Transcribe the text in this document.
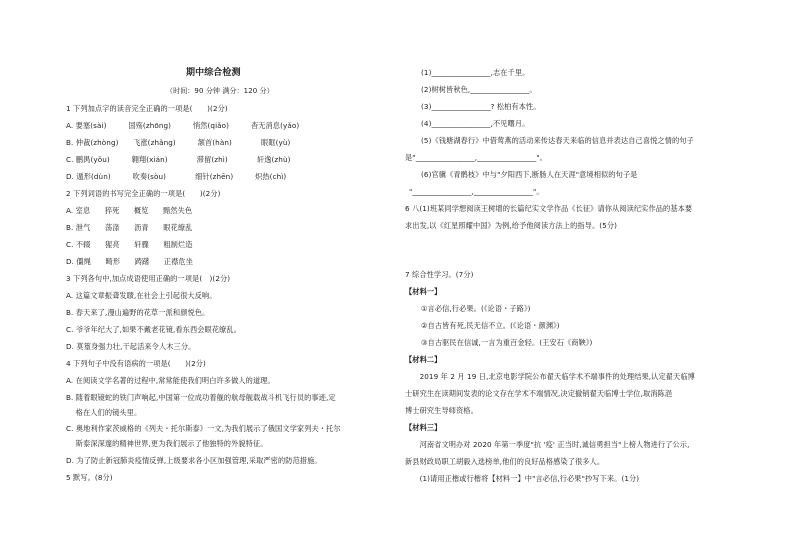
期中综合检测
（时间：90 分钟 满分：120 分）
1 下列加点字的读音完全正确的一项是(　　)(2分)
A. 要塞(sài)　　　国殇(zhōng)　　　悄然(qiǎo)　　　杳无消息(yǎo)
B. 仲裁(zhòng)　　飞涨(zhǎng)　　　颔首(hàn)　　　　眼眶(yù)
C. 鹏禺(yǒu)　　　翱翔(xián)　　　　滞留(zhì)　　　　轩逸(zhù)
D. 遁形(dùn)　　　吹奏(sòu)　　　　细针(zhēn)　　　炽热(chì)
2 下列词语的书写完全正确的一项是(　　)(2分)
A. 室息　　猝死　　概览　　黯然失色
B. 泄气　　荡涤　　沥青　　眼花缭乱
C. 不辍　　猩亮　　轩骤　　粗制烂造
D. 僵绳　　畸形　　踌躇　　正襟危坐
3 下列各句中,加点成语使用正确的一项是(　)(2分)
A. 这篇文章振聋发聩,在社会上引起很大反响。
B. 春天来了,漫山遍野的花草一派和颜悦色。
C. 爷爷年纪大了,如果不戴老花镜,看东西会眼花缭乱。
D. 莫篁身强力壮,干起活来令人木三分。
4 下列句子中没有语病的一项是(　　)(2分)
A. 在阅读文学名著的过程中,常常能使我们明白许多做人的道理。
B. 随着眼镜蛇的铁门声响起,中国第一位成功着舰的航母舰载战斗机飞行员的事迹,定
　 格在人们的镜头里。
C. 奥地利作家茨威格的《列夫・托尔斯泰》一文,为我们展示了俄国文学家列夫・托尔
　 斯泰深深邃的精神世界,更为我们展示了他独特的外貌特征。
D. 为了防止新冠肺炎疫情反弹,上级要求各小区加强管理,采取严密的防范措施。
5 默写。(8分)
(1)________________,志在千里。
(2)树树皆秋色,________________。
(3)________________? 松柏有本性。
(4)________________,不见曙月。
(5)《钱塘湖春行》中借莺燕的活动来传达春天来临的信息并表达自己喜悦之情的句子
是"________________,________________"。
(6)官骥《青鹘枝》中与"夕阳西下,断肠人在天涯"意境相似的句子是
"________________,________________"。
6 八(1)班某同学想阅读王树增的长篇纪实文学作品《长征》请你从阅读纪实作品的基本要
求出发,以《红星照耀中国》为例,给予他阅读方法上的指导。(5分)
7 综合性学习。(7分)
【材料一】
①言必信,行必果。(《论语・子路》)
②自古皆有死,民无信不立。(《论语・颜渊》)
③自古驱民在信诚,一言为重百金轻。(王安石《商鞅》)
【材料二】
　　2019 年 2 月 19 日,北京电影学院公布翟天临学术不端事件的处理结果,认定翟天临博
士研究生在读期间发表的论文存在学术不端情况,决定撤销翟天临博士学位,取消陈浥
博士研究生导师资格。
【材料三】
　　河南省文明办对 2020 年第一季度"抗 '疫' 正当时,诚信勇担当"上榜人物进行了公示,
新县财政局职工胡毅入选榜单,他们的良好品格感染了很多人。
　　(1)请用正楷或行楷将【材料一】中"言必信,行必果"抄写下来。(1分)
